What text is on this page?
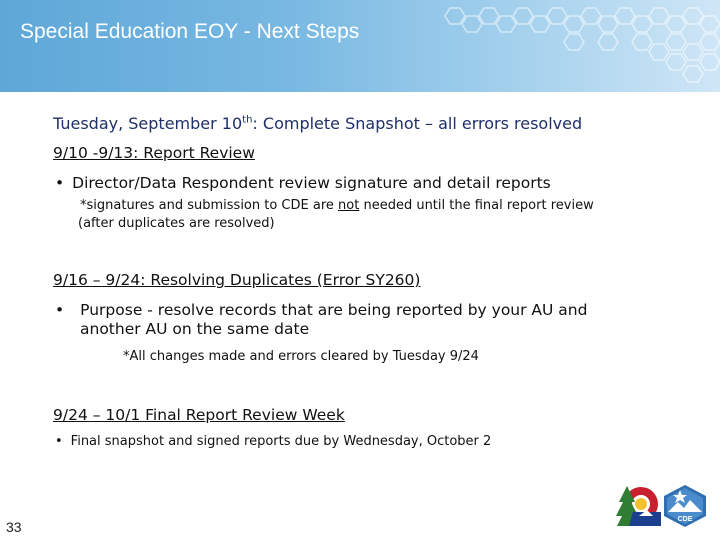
Special Education EOY - Next Steps
Tuesday, September 10th: Complete Snapshot – all errors resolved
9/10 -9/13: Report Review
• Director/Data Respondent review signature and detail reports
*signatures and submission to CDE are not needed until the final report review
(after duplicates are resolved)
9/16 – 9/24: Resolving Duplicates (Error SY260)
• Purpose - resolve records that are being reported by your AU and
another AU on the same date
*All changes made and errors cleared by Tuesday 9/24
9/24 – 10/1 Final Report Review Week
• Final snapshot and signed reports due by Wednesday, October 2
CDE
33
